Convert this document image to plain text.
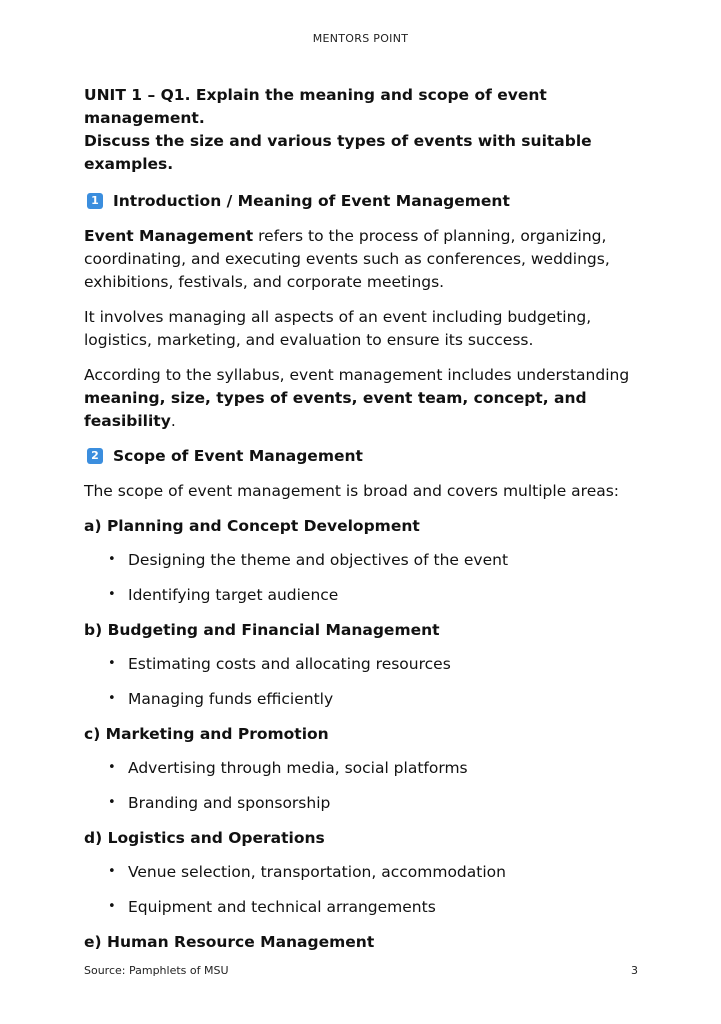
MENTORS POINT
UNIT 1 – Q1. Explain the meaning and scope of event management.
Discuss the size and various types of events with suitable examples.
1 Introduction / Meaning of Event Management

Event Management refers to the process of planning, organizing, coordinating, and executing events such as conferences, weddings, exhibitions, festivals, and corporate meetings.

It involves managing all aspects of an event including budgeting, logistics, marketing, and evaluation to ensure its success.

According to the syllabus, event management includes understanding meaning, size, types of events, event team, concept, and feasibility.

2 Scope of Event Management

The scope of event management is broad and covers multiple areas:

a) Planning and Concept Development
• Designing the theme and objectives of the event
• Identifying target audience
b) Budgeting and Financial Management
• Estimating costs and allocating resources
• Managing funds efficiently
c) Marketing and Promotion
• Advertising through media, social platforms
• Branding and sponsorship
d) Logistics and Operations
• Venue selection, transportation, accommodation
• Equipment and technical arrangements
e) Human Resource Management
Source: Pamphlets of MSU	3
